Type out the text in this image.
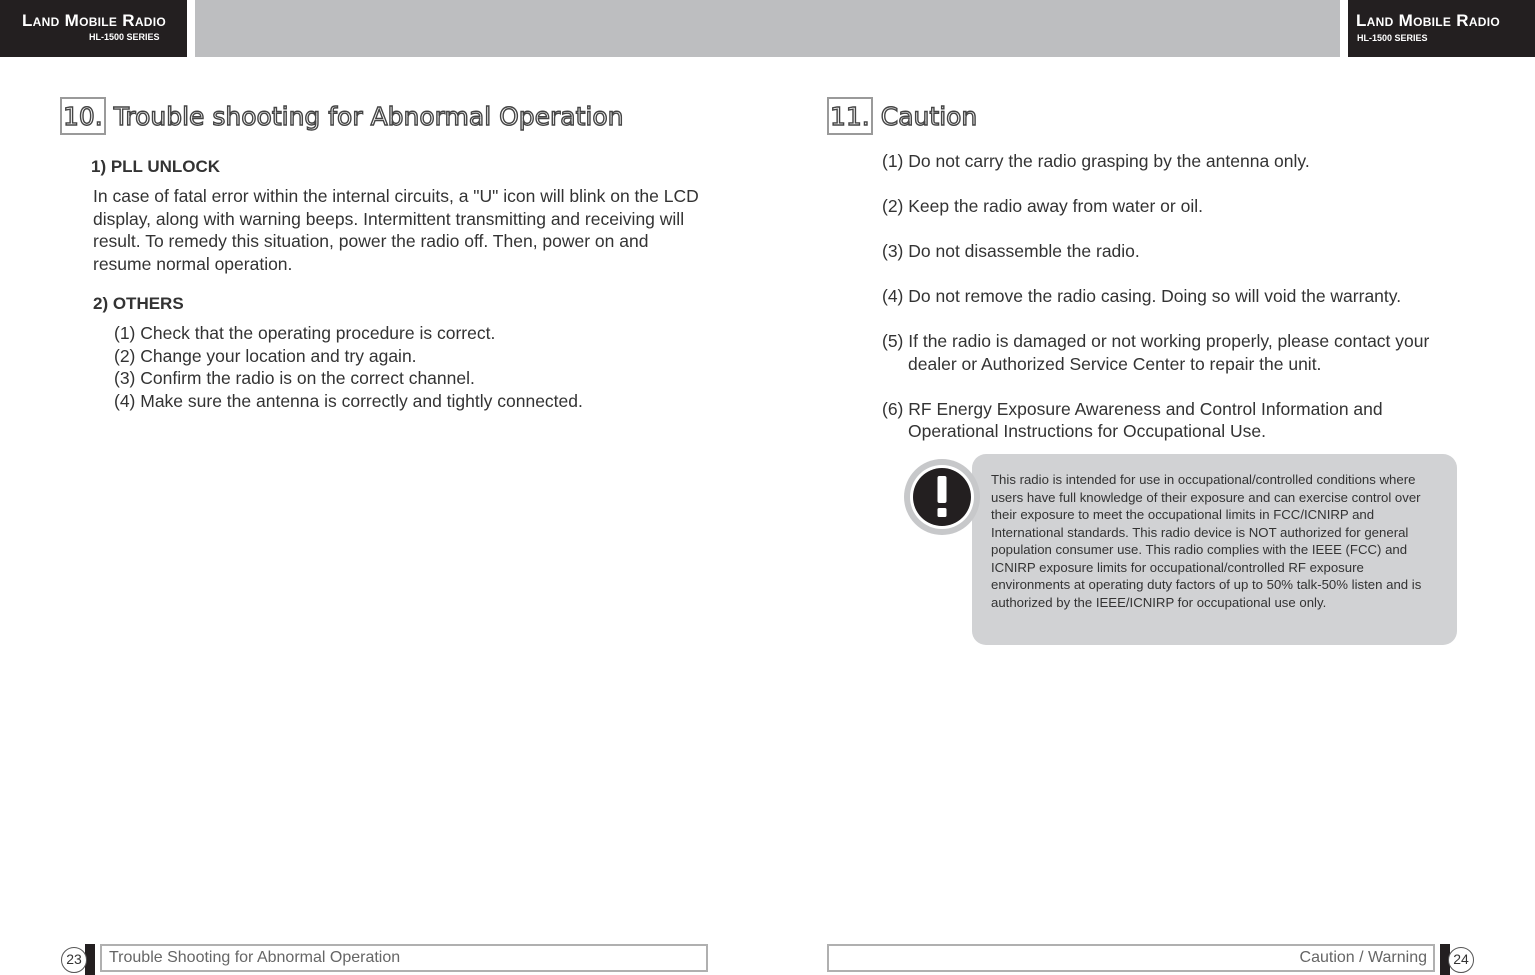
Land Mobile Radio
HL-1500 SERIES
Land Mobile Radio
HL-1500 SERIES
10. Trouble shooting for Abnormal Operation
1) PLL UNLOCK
In case of fatal error within the internal circuits, a "U" icon will blink on the LCD display, along with warning beeps. Intermittent transmitting and receiving will result. To remedy this situation, power the radio off. Then, power on and resume normal operation.
2) OTHERS
(1) Check that the operating procedure is correct.
(2) Change your location and try again.
(3) Confirm the radio is on the correct channel.
(4) Make sure the antenna is correctly and tightly connected.
11. Caution
(1) Do not carry the radio grasping by the antenna only.
(2) Keep the radio away from water or oil.
(3) Do not disassemble the radio.
(4) Do not remove the radio casing. Doing so will void the warranty.
(5) If the radio is damaged or not working properly, please contact your
dealer or Authorized Service Center to repair the unit.
(6) RF Energy Exposure Awareness and Control Information and
Operational Instructions for Occupational Use.
This radio is intended for use in occupational/controlled conditions where users have full knowledge of their exposure and can exercise control over their exposure to meet the occupational limits in FCC/ICNIRP and International standards. This radio device is NOT authorized for general population consumer use. This radio complies with the IEEE (FCC) and ICNIRP exposure limits for occupational/controlled RF exposure environments at operating duty factors of up to 50% talk-50% listen and is authorized by the IEEE/ICNIRP for occupational use only.
23	Trouble Shooting for Abnormal Operation	Caution / Warning	24
